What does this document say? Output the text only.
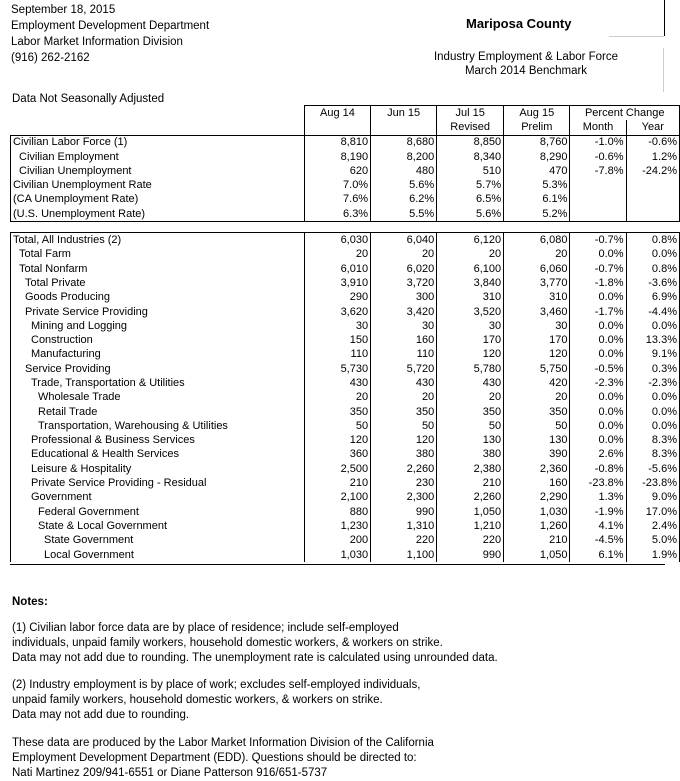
September 18, 2015
Employment Development Department
Labor Market Information Division
(916) 262-2162
Mariposa County
Industry Employment & Labor Force
March 2014 Benchmark
Data Not Seasonally Adjusted
	Aug 14	Jun 15	Jul 15	Aug 15	Percent Change	
			Revised	Prelim	Month	Year
Civilian Labor Force (1)	8,810	8,680	8,850	8,760	-1.0%	-0.6%
Civilian Employment	8,190	8,200	8,340	8,290	-0.6%	1.2%
Civilian Unemployment	620	480	510	470	-7.8%	-24.2%
Civilian Unemployment Rate	7.0%	5.6%	5.7%	5.3%		
(CA Unemployment Rate)	7.6%	6.2%	6.5%	6.1%		
(U.S. Unemployment Rate)	6.3%	5.5%	5.6%	5.2%		

Total, All Industries (2)	6,030	6,040	6,120	6,080	-0.7%	0.8%
Total Farm	20	20	20	20	0.0%	0.0%
Total Nonfarm	6,010	6,020	6,100	6,060	-0.7%	0.8%
Total Private	3,910	3,720	3,840	3,770	-1.8%	-3.6%
Goods Producing	290	300	310	310	0.0%	6.9%
Private Service Providing	3,620	3,420	3,520	3,460	-1.7%	-4.4%
Mining and Logging	30	30	30	30	0.0%	0.0%
Construction	150	160	170	170	0.0%	13.3%
Manufacturing	110	110	120	120	0.0%	9.1%
Service Providing	5,730	5,720	5,780	5,750	-0.5%	0.3%
Trade, Transportation & Utilities	430	430	430	420	-2.3%	-2.3%
Wholesale Trade	20	20	20	20	0.0%	0.0%
Retail Trade	350	350	350	350	0.0%	0.0%
Transportation, Warehousing & Utilities	50	50	50	50	0.0%	0.0%
Professional & Business Services	120	120	130	130	0.0%	8.3%
Educational & Health Services	360	380	380	390	2.6%	8.3%
Leisure & Hospitality	2,500	2,260	2,380	2,360	-0.8%	-5.6%
Private Service Providing - Residual	210	230	210	160	-23.8%	-23.8%
Government	2,100	2,300	2,260	2,290	1.3%	9.0%
Federal Government	880	990	1,050	1,030	-1.9%	17.0%
State & Local Government	1,230	1,310	1,210	1,260	4.1%	2.4%
State Government	200	220	220	210	-4.5%	5.0%
Local Government	1,030	1,100	990	1,050	6.1%	1.9%
Notes:
(1) Civilian labor force data are by place of residence; include self-employed
individuals, unpaid family workers, household domestic workers, & workers on strike.
Data may not add due to rounding. The unemployment rate is calculated using unrounded data.
(2) Industry employment is by place of work; excludes self-employed individuals,
unpaid family workers, household domestic workers, & workers on strike.
Data may not add due to rounding.
These data are produced by the Labor Market Information Division of the California
Employment Development Department (EDD). Questions should be directed to:
Nati Martinez 209/941-6551 or Diane Patterson 916/651-5737
